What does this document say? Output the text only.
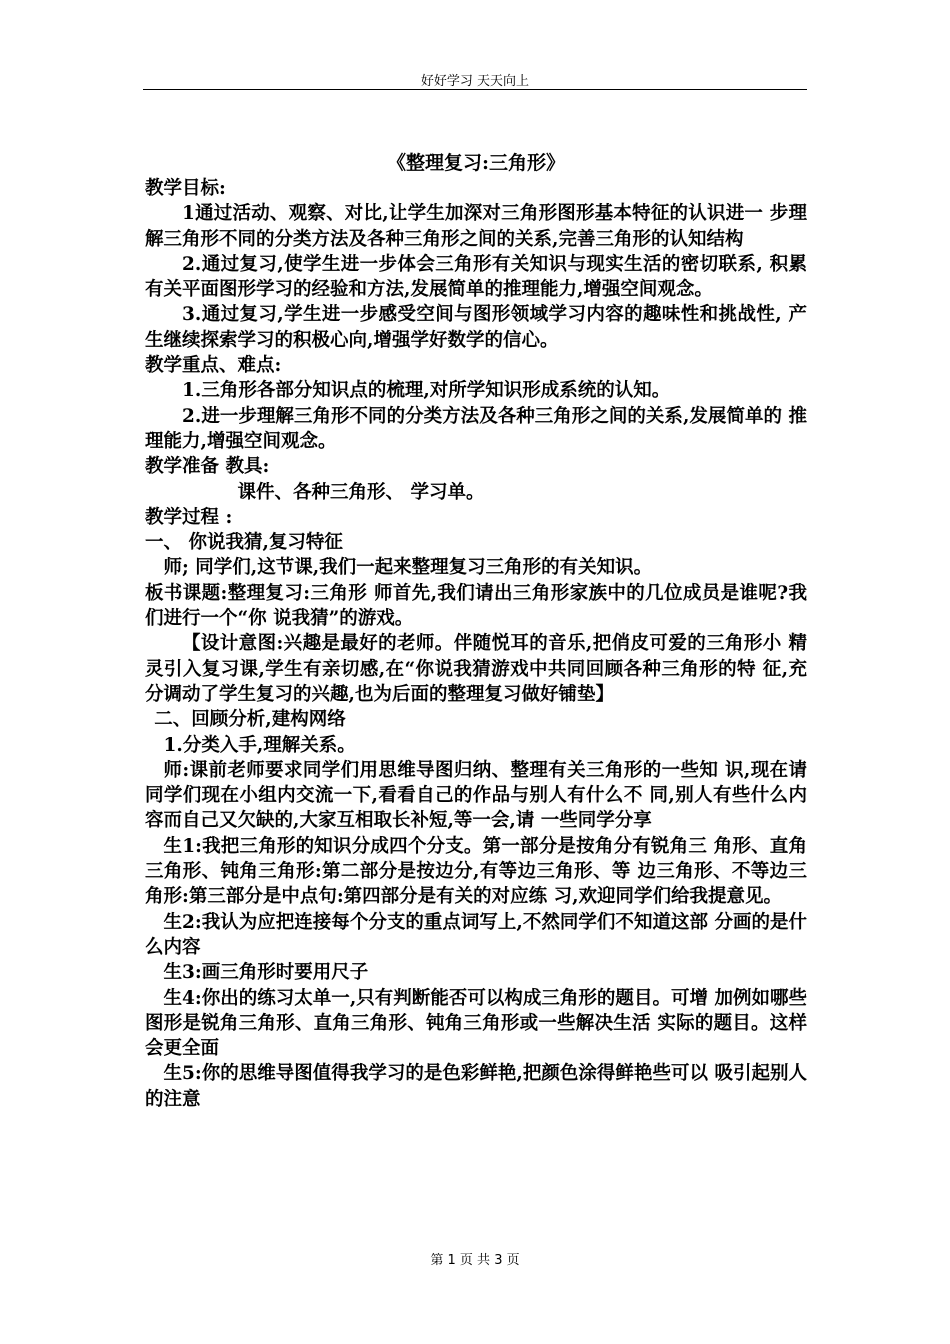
好好学习 天天向上
《整理复习:三角形》

教学目标:

1通过活动、观察、对比,让学生加深对三角形图形基本特征的认识进一 步理解三角形不同的分类方法及各种三角形之间的关系,完善三角形的认知结构

2.通过复习,使学生进一步体会三角形有关知识与现实生活的密切联系, 积累有关平面图形学习的经验和方法,发展简单的推理能力,增强空间观念。

3.通过复习,学生进一步感受空间与图形领域学习内容的趣味性和挑战性, 产生继续探索学习的积极心向,增强学好数学的信心。

教学重点、难点:

1.三角形各部分知识点的梳理,对所学知识形成系统的认知。

2.进一步理解三角形不同的分类方法及各种三角形之间的关系,发展简单的 推理能力,增强空间观念。

教学准备 教具:

课件、各种三角形、 学习单。

教学过程 :

一、 你说我猜,复习特征

师; 同学们,这节课,我们一起来整理复习三角形的有关知识。

板书课题:整理复习:三角形 师首先,我们请出三角形家族中的几位成员是谁呢?我们进行一个“你 说我猜”的游戏。

【设计意图:兴趣是最好的老师。伴随悦耳的音乐,把俏皮可爱的三角形小 精灵引入复习课,学生有亲切感,在“你说我猜游戏中共同回顾各种三角形的特 征,充分调动了学生复习的兴趣,也为后面的整理复习做好铺垫】

二、回顾分析,建构网络

1.分类入手,理解关系。

师:课前老师要求同学们用思维导图归纳、整理有关三角形的一些知 识,现在请同学们现在小组内交流一下,看看自己的作品与别人有什么不 同,别人有些什么内容而自己又欠缺的,大家互相取长补短,等一会,请 一些同学分享

生1:我把三角形的知识分成四个分支。第一部分是按角分有锐角三 角形、直角三角形、钝角三角形:第二部分是按边分,有等边三角形、等 边三角形、不等边三角形:第三部分是中点句:第四部分是有关的对应练 习,欢迎同学们给我提意见。

生2:我认为应把连接每个分支的重点词写上,不然同学们不知道这部 分画的是什么内容

生3:画三角形时要用尺子

生4:你出的练习太单一,只有判断能否可以构成三角形的题目。可增 加例如哪些图形是锐角三角形、直角三角形、钝角三角形或一些解决生活 实际的题目。这样会更全面

生5:你的思维导图值得我学习的是色彩鲜艳,把颜色涂得鲜艳些可以 吸引起别人的注意

第 1 页 共 3 页
